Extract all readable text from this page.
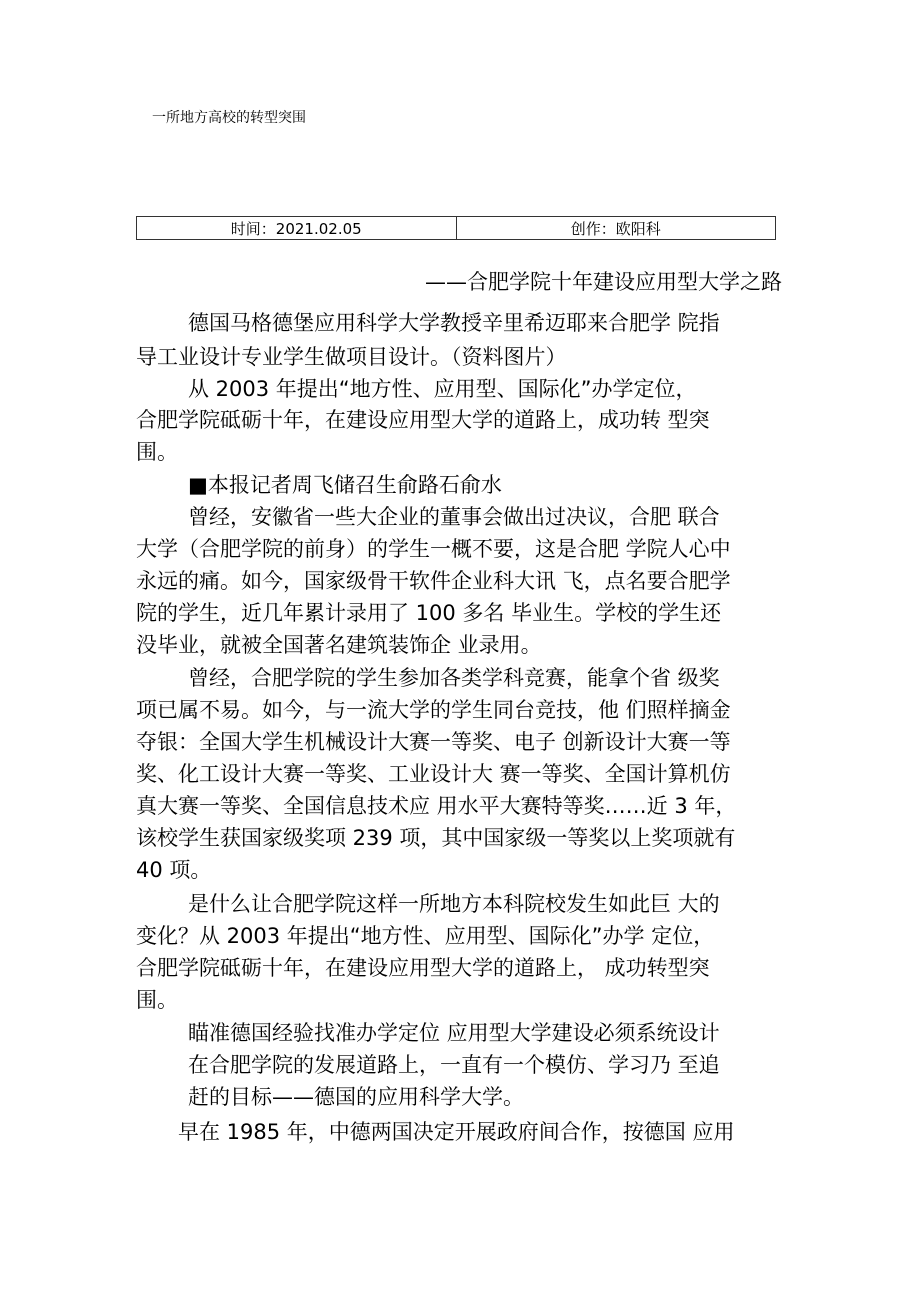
一所地方高校的转型突围
时间：2021.02.05	创作：欧阳科
——合肥学院十年建设应用型大学之路
德国马格德堡应用科学大学教授辛里希迈耶来合肥学 院指
导工业设计专业学生做项目设计。（资料图片）
从 2003 年提出“地方性、应用型、国际化”办学定位，
合肥学院砥砺十年，在建设应用型大学的道路上，成功转 型突
围。
■本报记者周飞储召生俞路石俞水
曾经，安徽省一些大企业的董事会做出过决议，合肥 联合
大学（合肥学院的前身）的学生一概不要，这是合肥 学院人心中
永远的痛。如今，国家级骨干软件企业科大讯 飞，点名要合肥学
院的学生，近几年累计录用了 100 多名 毕业生。学校的学生还
没毕业，就被全国著名建筑装饰企 业录用。
曾经，合肥学院的学生参加各类学科竞赛，能拿个省 级奖
项已属不易。如今，与一流大学的学生同台竞技，他 们照样摘金
夺银：全国大学生机械设计大赛一等奖、电子 创新设计大赛一等
奖、化工设计大赛一等奖、工业设计大 赛一等奖、全国计算机仿
真大赛一等奖、全国信息技术应 用水平大赛特等奖……近 3 年，
该校学生获国家级奖项 239 项，其中国家级一等奖以上奖项就有
40 项。
是什么让合肥学院这样一所地方本科院校发生如此巨 大的
变化？从 2003 年提出“地方性、应用型、国际化”办学 定位，
合肥学院砥砺十年，在建设应用型大学的道路上， 成功转型突
围。
瞄准德国经验找准办学定位 应用型大学建设必须系统设计
在合肥学院的发展道路上，一直有一个模仿、学习乃 至追
赶的目标——德国的应用科学大学。
早在 1985 年，中德两国决定开展政府间合作，按德国 应用
